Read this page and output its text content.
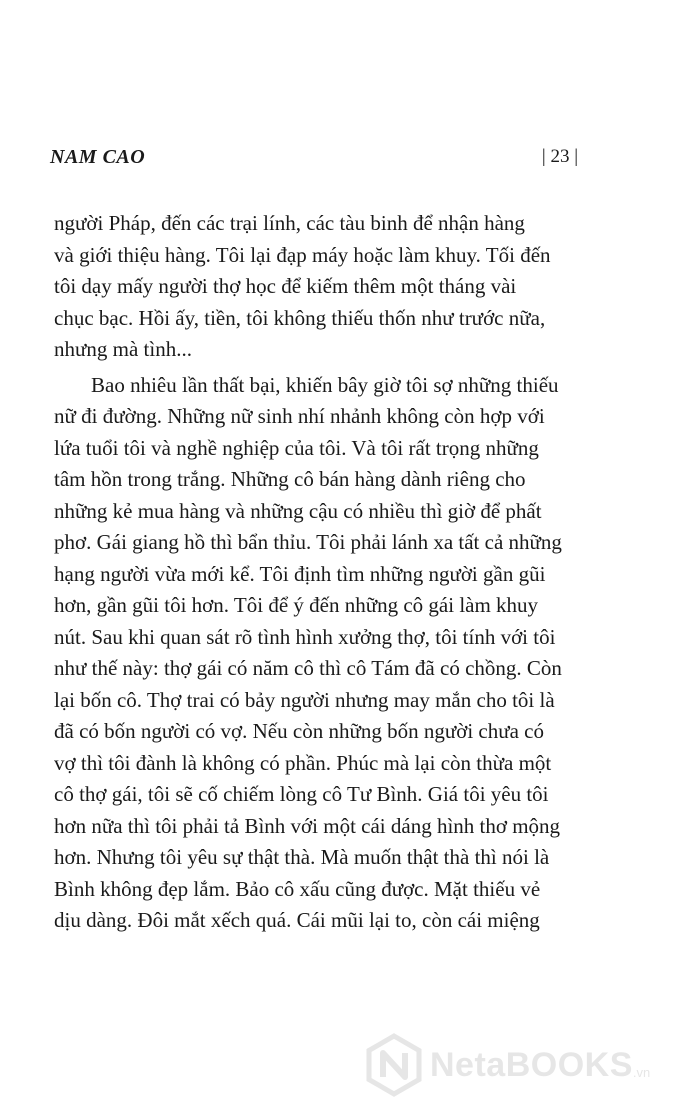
NAM CAO	| 23 |
người Pháp, đến các trại lính, các tàu binh để nhận hàng
và giới thiệu hàng. Tôi lại đạp máy hoặc làm khuy. Tối đến
tôi dạy mấy người thợ học để kiếm thêm một tháng vài
chục bạc. Hồi ấy, tiền, tôi không thiếu thốn như trước nữa,
nhưng mà tình...
Bao nhiêu lần thất bại, khiến bây giờ tôi sợ những thiếu
nữ đi đường. Những nữ sinh nhí nhảnh không còn hợp với
lứa tuổi tôi và nghề nghiệp của tôi. Và tôi rất trọng những
tâm hồn trong trắng. Những cô bán hàng dành riêng cho
những kẻ mua hàng và những cậu có nhiều thì giờ để phất
phơ. Gái giang hồ thì bẩn thỉu. Tôi phải lánh xa tất cả những
hạng người vừa mới kể. Tôi định tìm những người gần gũi
hơn, gần gũi tôi hơn. Tôi để ý đến những cô gái làm khuy
nút. Sau khi quan sát rõ tình hình xưởng thợ, tôi tính với tôi
như thế này: thợ gái có năm cô thì cô Tám đã có chồng. Còn
lại bốn cô. Thợ trai có bảy người nhưng may mắn cho tôi là
đã có bốn người có vợ. Nếu còn những bốn người chưa có
vợ thì tôi đành là không có phần. Phúc mà lại còn thừa một
cô thợ gái, tôi sẽ cố chiếm lòng cô Tư Bình. Giá tôi yêu tôi
hơn nữa thì tôi phải tả Bình với một cái dáng hình thơ mộng
hơn. Nhưng tôi yêu sự thật thà. Mà muốn thật thà thì nói là
Bình không đẹp lắm. Bảo cô xấu cũng được. Mặt thiếu vẻ
dịu dàng. Đôi mắt xếch quá. Cái mũi lại to, còn cái miệng
NetaBOOKS .vn
